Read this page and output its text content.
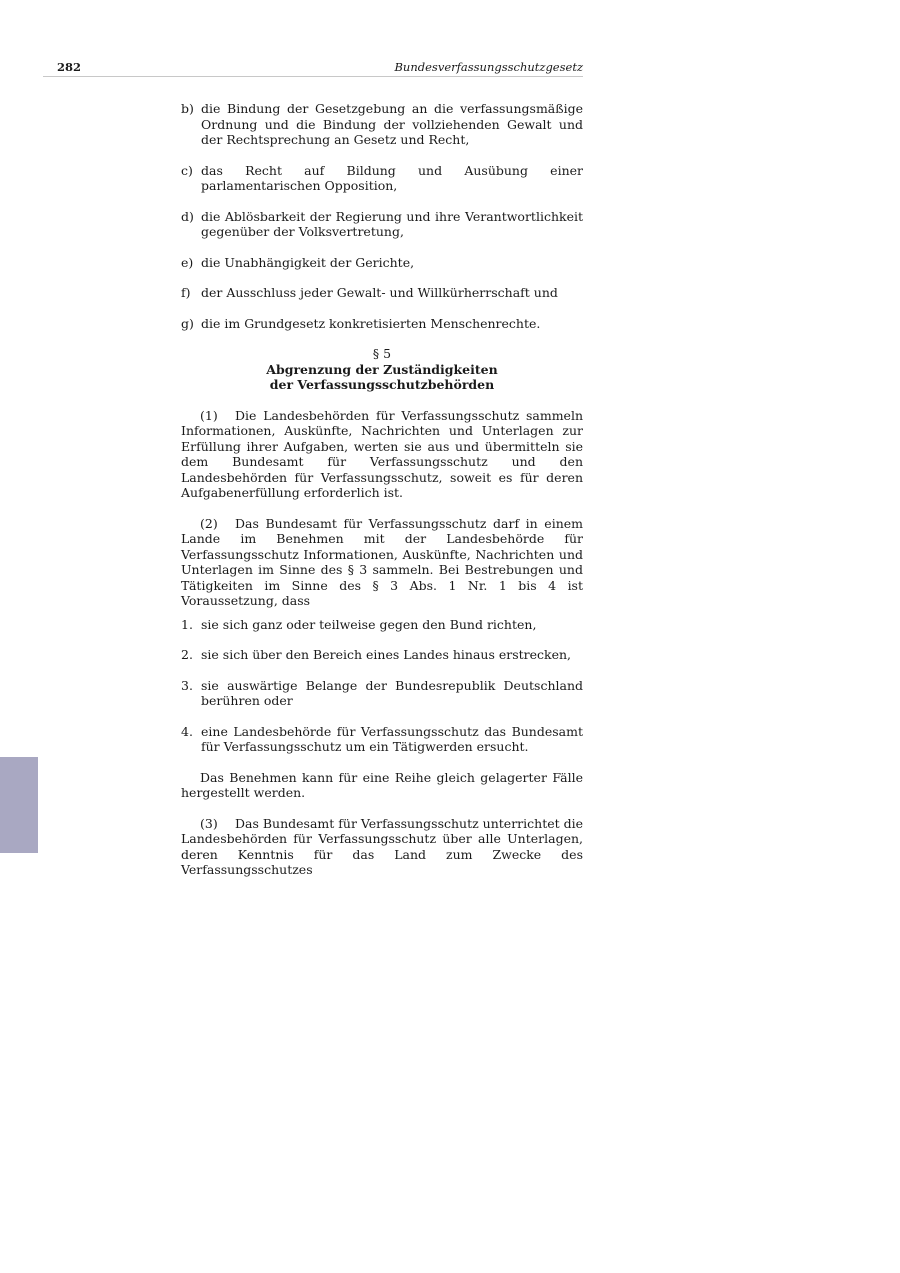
282	Bundesverfassungsschutzgesetz
b) die Bindung der Gesetzgebung an die verfassungsmäßige Ordnung und die Bindung der vollziehenden Gewalt und der Rechtsprechung an Gesetz und Recht,
c) das Recht auf Bildung und Ausübung einer parlamentarischen Opposition,
d) die Ablösbarkeit der Regierung und ihre Verantwortlichkeit gegenüber der Volksvertretung,
e) die Unabhängigkeit der Gerichte,
f) der Ausschluss jeder Gewalt- und Willkürherrschaft und
g) die im Grundgesetz konkretisierten Menschenrechte.
§ 5
Abgrenzung der Zuständigkeiten
der Verfassungsschutzbehörden

(1) Die Landesbehörden für Verfassungsschutz sammeln Informationen, Auskünfte, Nachrichten und Unterlagen zur Erfüllung ihrer Aufgaben, werten sie aus und übermitteln sie dem Bundesamt für Verfassungsschutz und den Landesbehörden für Verfassungsschutz, soweit es für deren Aufgabenerfüllung erforderlich ist.

(2) Das Bundesamt für Verfassungsschutz darf in einem Lande im Benehmen mit der Landesbehörde für Verfassungsschutz Informationen, Auskünfte, Nachrichten und Unterlagen im Sinne des § 3 sammeln. Bei Bestrebungen und Tätigkeiten im Sinne des § 3 Abs. 1 Nr. 1 bis 4 ist Voraussetzung, dass

1. sie sich ganz oder teilweise gegen den Bund richten,
2. sie sich über den Bereich eines Landes hinaus erstrecken,
3. sie auswärtige Belange der Bundesrepublik Deutschland berühren oder
4. eine Landesbehörde für Verfassungsschutz das Bundesamt für Verfassungsschutz um ein Tätigwerden ersucht.

Das Benehmen kann für eine Reihe gleich gelagerter Fälle hergestellt werden.

(3) Das Bundesamt für Verfassungsschutz unterrichtet die Landesbehörden für Verfassungsschutz über alle Unterlagen, deren Kenntnis für das Land zum Zwecke des Verfassungsschutzes
